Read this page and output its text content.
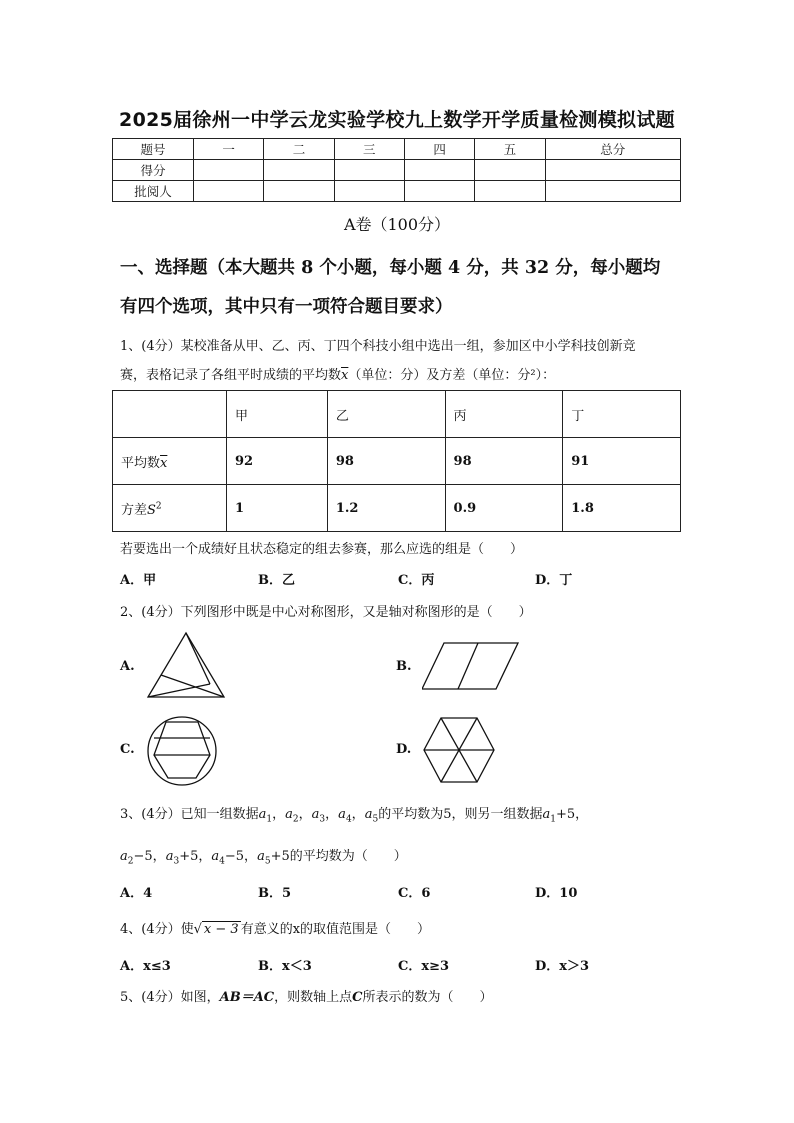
2025届徐州一中学云龙实验学校九上数学开学质量检测模拟试题
题号	一	二	三	四	五	总分
得分						
批阅人						
A卷（100分）
一、选择题（本大题共 8 个小题，每小题 4 分，共 32 分，每小题均
有四个选项，其中只有一项符合题目要求）
1、(4分）某校准备从甲、乙、丙、丁四个科技小组中选出一组，参加区中小学科技创新竞
赛，表格记录了各组平时成绩的平均数$\overline{x}$（单位：分）及方差（单位：分²）：
	甲	乙	丙	丁
平均数$\overline{x}$	92	98	98	91
方差$S^2$	1	1.2	0.9	1.8
若要选出一个成绩好且状态稳定的组去参赛，那么应选的组是（　　）
A．甲	B．乙	C．丙	D．丁
2、(4分）下列图形中既是中心对称图形，又是轴对称图形的是（　　）
A.	B.
C.	D.
3、(4分）已知一组数据$a_1$，$a_2$，$a_3$，$a_4$，$a_5$的平均数为5，则另一组数据$a_1+5$，
$a_2-5$，$a_3+5$，$a_4-5$，$a_5+5$的平均数为（　　）
A．4	B．5	C．6	D．10
4、(4分）使√ x − 3 有意义的x的取值范围是（　　）
A．x≤3	B．x＜3	C．x≥3	D．x＞3
5、(4分）如图，AB＝AC，则数轴上点C所表示的数为（　　）
